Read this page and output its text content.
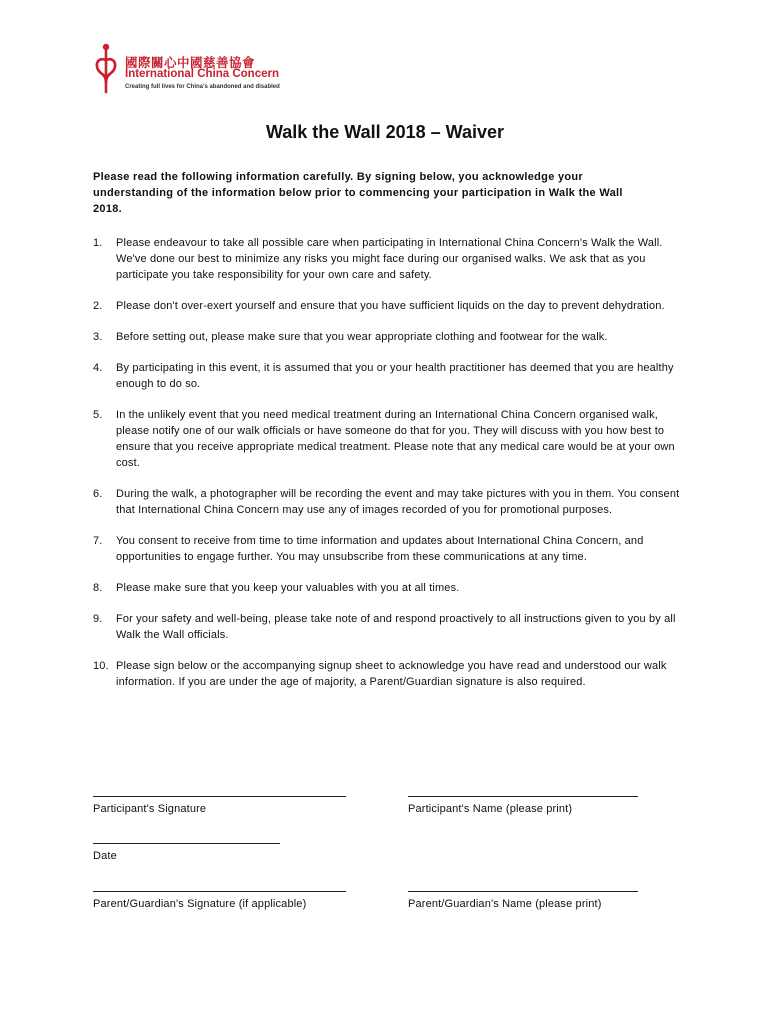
國際關心中國慈善協會
International China Concern
Creating full lives for China's abandoned and disabled
Walk the Wall 2018 – Waiver

Please read the following information carefully. By signing below, you acknowledge your understanding of the information below prior to commencing your participation in Walk the Wall 2018.

1. Please endeavour to take all possible care when participating in International China Concern's Walk the Wall. We've done our best to minimize any risks you might face during our organised walks. We ask that as you participate you take responsibility for your own care and safety.
2. Please don't over-exert yourself and ensure that you have sufficient liquids on the day to prevent dehydration.
3. Before setting out, please make sure that you wear appropriate clothing and footwear for the walk.
4. By participating in this event, it is assumed that you or your health practitioner has deemed that you are healthy enough to do so.
5. In the unlikely event that you need medical treatment during an International China Concern organised walk, please notify one of our walk officials or have someone do that for you. They will discuss with you how best to ensure that you receive appropriate medical treatment. Please note that any medical care would be at your own cost.
6. During the walk, a photographer will be recording the event and may take pictures with you in them. You consent that International China Concern may use any of images recorded of you for promotional purposes.
7. You consent to receive from time to time information and updates about International China Concern, and opportunities to engage further. You may unsubscribe from these communications at any time.
8. Please make sure that you keep your valuables with you at all times.
9. For your safety and well-being, please take note of and respond proactively to all instructions given to you by all Walk the Wall officials.
10. Please sign below or the accompanying signup sheet to acknowledge you have read and understood our walk information. If you are under the age of majority, a Parent/Guardian signature is also required.
Participant's Signature	Participant's Name (please print)
Date
Parent/Guardian's Signature (if applicable)	Parent/Guardian's Name (please print)
